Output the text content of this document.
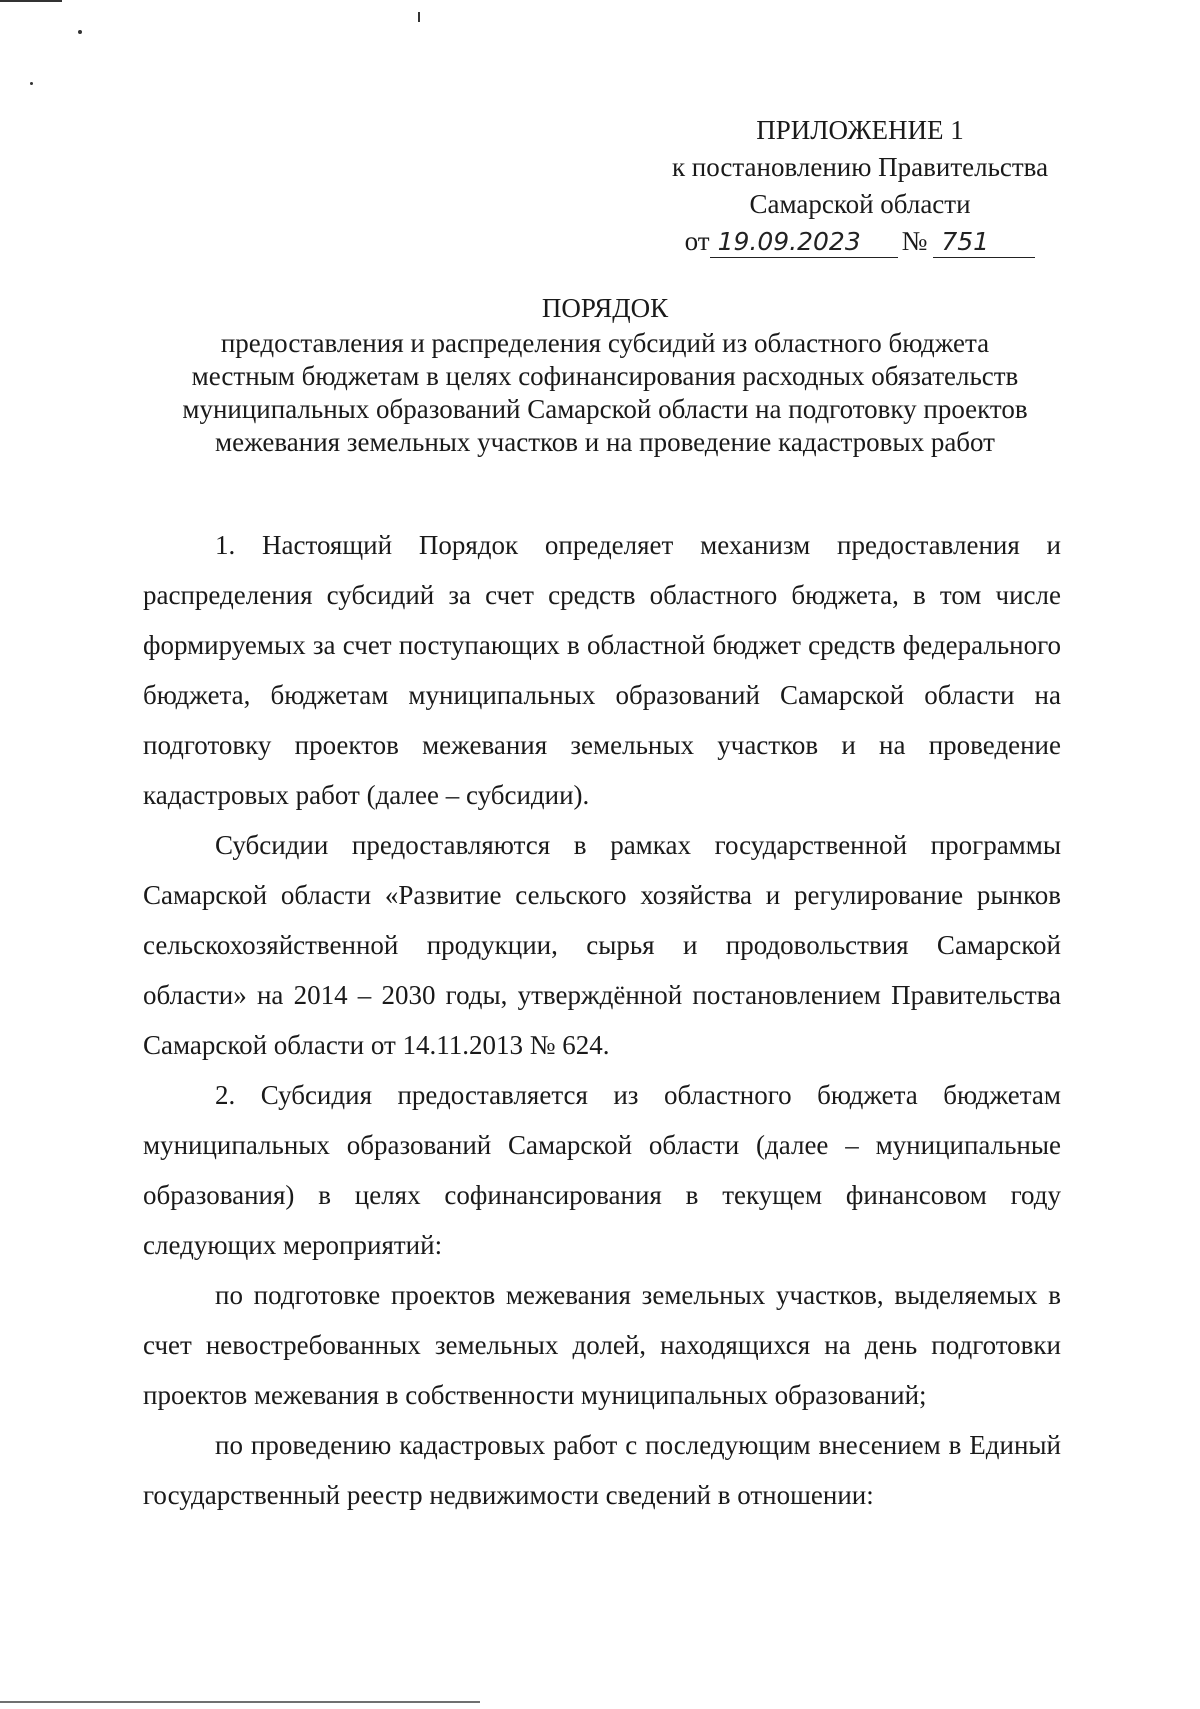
ПРИЛОЖЕНИЕ 1
к постановлению Правительства
Самарской области
от 19.09.2023 № 751
ПОРЯДОК
предоставления и распределения субсидий из областного бюджета
местным бюджетам в целях софинансирования расходных обязательств
муниципальных образований Самарской области на подготовку проектов
межевания земельных участков и на проведение кадастровых работ

1. Настоящий Порядок определяет механизм предоставления и распределения субсидий за счет средств областного бюджета, в том числе формируемых за счет поступающих в областной бюджет средств федерального бюджета, бюджетам муниципальных образований Самарской области на подготовку проектов межевания земельных участков и на проведение кадастровых работ (далее – субсидии).

Субсидии предоставляются в рамках государственной программы Самарской области «Развитие сельского хозяйства и регулирование рынков сельскохозяйственной продукции, сырья и продовольствия Самарской области» на 2014 – 2030 годы, утверждённой постановлением Правительства Самарской области от 14.11.2013 № 624.

2. Субсидия предоставляется из областного бюджета бюджетам муниципальных образований Самарской области (далее – муниципальные образования) в целях софинансирования в текущем финансовом году следующих мероприятий:

по подготовке проектов межевания земельных участков, выделяемых в счет невостребованных земельных долей, находящихся на день подготовки проектов межевания в собственности муниципальных образований;

по проведению кадастровых работ с последующим внесением в Единый государственный реестр недвижимости сведений в отношении:
